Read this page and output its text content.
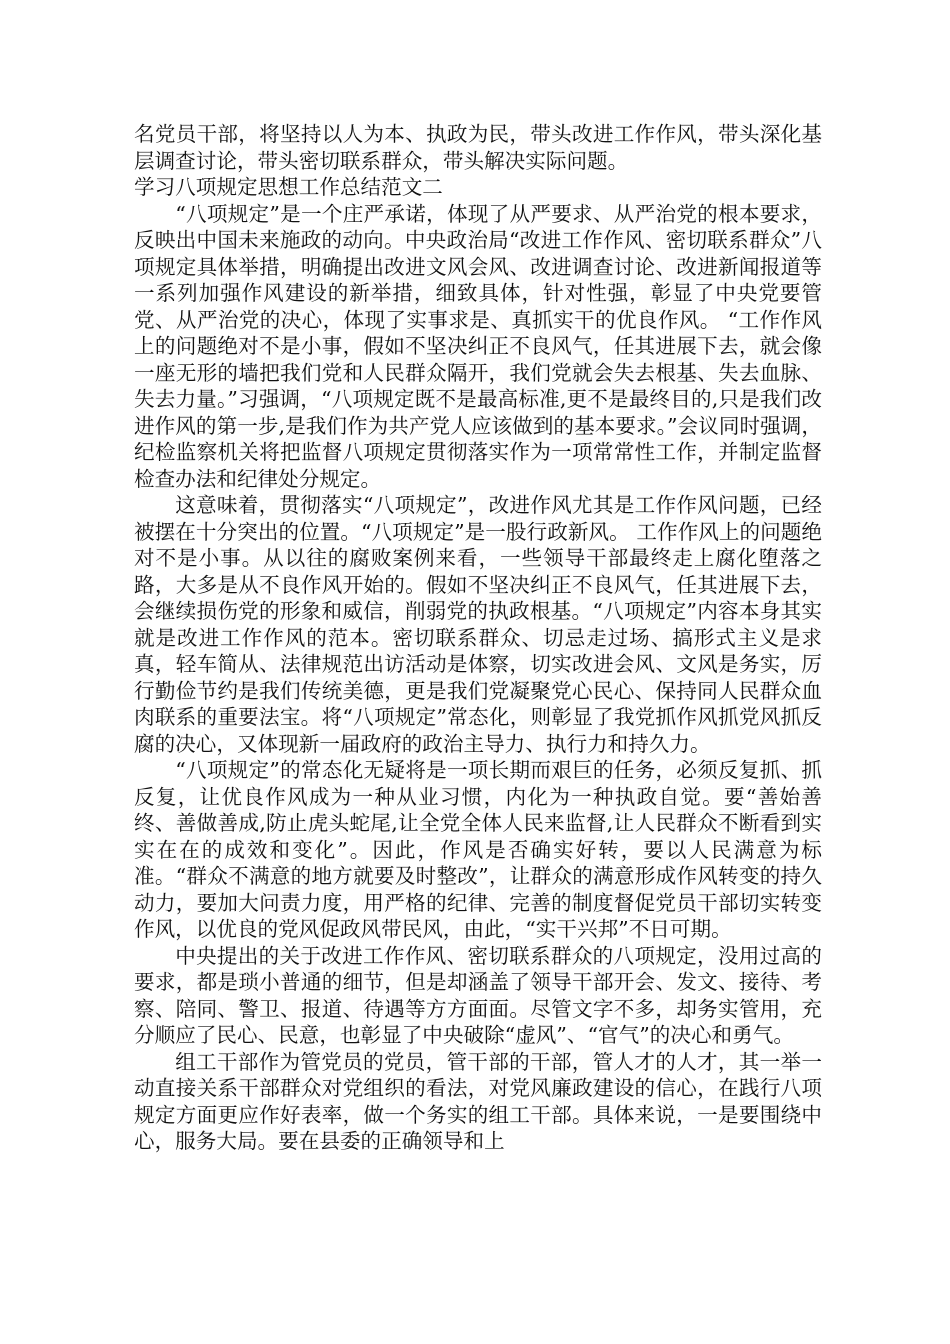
名党员干部，将坚持以人为本、执政为民，带头改进工作作风，带头深化基层调查讨论，带头密切联系群众，带头解决实际问题。

学习八项规定思想工作总结范文二

“八项规定”是一个庄严承诺，体现了从严要求、从严治党的根本要求，反映出中国未来施政的动向。中央政治局“改进工作作风、密切联系群众”八项规定具体举措，明确提出改进文风会风、改进调查讨论、改进新闻报道等一系列加强作风建设的新举措，细致具体，针对性强，彰显了中央党要管党、从严治党的决心，体现了实事求是、真抓实干的优良作风。 “工作作风上的问题绝对不是小事，假如不坚决纠正不良风气，任其进展下去，就会像一座无形的墙把我们党和人民群众隔开，我们党就会失去根基、失去血脉、失去力量。”习强调，“八项规定既不是最高标准,更不是最终目的,只是我们改进作风的第一步,是我们作为共产党人应该做到的基本要求。”会议同时强调，纪检监察机关将把监督八项规定贯彻落实作为一项常常性工作，并制定监督检查办法和纪律处分规定。

这意味着，贯彻落实“八项规定”，改进作风尤其是工作作风问题，已经被摆在十分突出的位置。“八项规定”是一股行政新风。 工作作风上的问题绝对不是小事。从以往的腐败案例来看，一些领导干部最终走上腐化堕落之路，大多是从不良作风开始的。假如不坚决纠正不良风气，任其进展下去，会继续损伤党的形象和威信，削弱党的执政根基。“八项规定”内容本身其实就是改进工作作风的范本。密切联系群众、切忌走过场、搞形式主义是求真，轻车简从、法律规范出访活动是体察，切实改进会风、文风是务实，厉行勤俭节约是我们传统美德，更是我们党凝聚党心民心、保持同人民群众血肉联系的重要法宝。将“八项规定”常态化，则彰显了我党抓作风抓党风抓反腐的决心，又体现新一届政府的政治主导力、执行力和持久力。

“八项规定”的常态化无疑将是一项长期而艰巨的任务，必须反复抓、抓反复，让优良作风成为一种从业习惯，内化为一种执政自觉。要“善始善终、善做善成,防止虎头蛇尾,让全党全体人民来监督,让人民群众不断看到实实在在的成效和变化”。因此，作风是否确实好转，要以人民满意为标准。“群众不满意的地方就要及时整改”，让群众的满意形成作风转变的持久动力，要加大问责力度，用严格的纪律、完善的制度督促党员干部切实转变作风，以优良的党风促政风带民风，由此，“实干兴邦”不日可期。

中央提出的关于改进工作作风、密切联系群众的八项规定，没用过高的要求，都是琐小普通的细节，但是却涵盖了领导干部开会、发文、接待、考察、陪同、警卫、报道、待遇等方方面面。尽管文字不多，却务实管用，充分顺应了民心、民意，也彰显了中央破除“虚风”、“官气”的决心和勇气。

组工干部作为管党员的党员，管干部的干部，管人才的人才，其一举一动直接关系干部群众对党组织的看法，对党风廉政建设的信心，在践行八项规定方面更应作好表率，做一个务实的组工干部。具体来说，一是要围绕中心，服务大局。要在县委的正确领导和上
